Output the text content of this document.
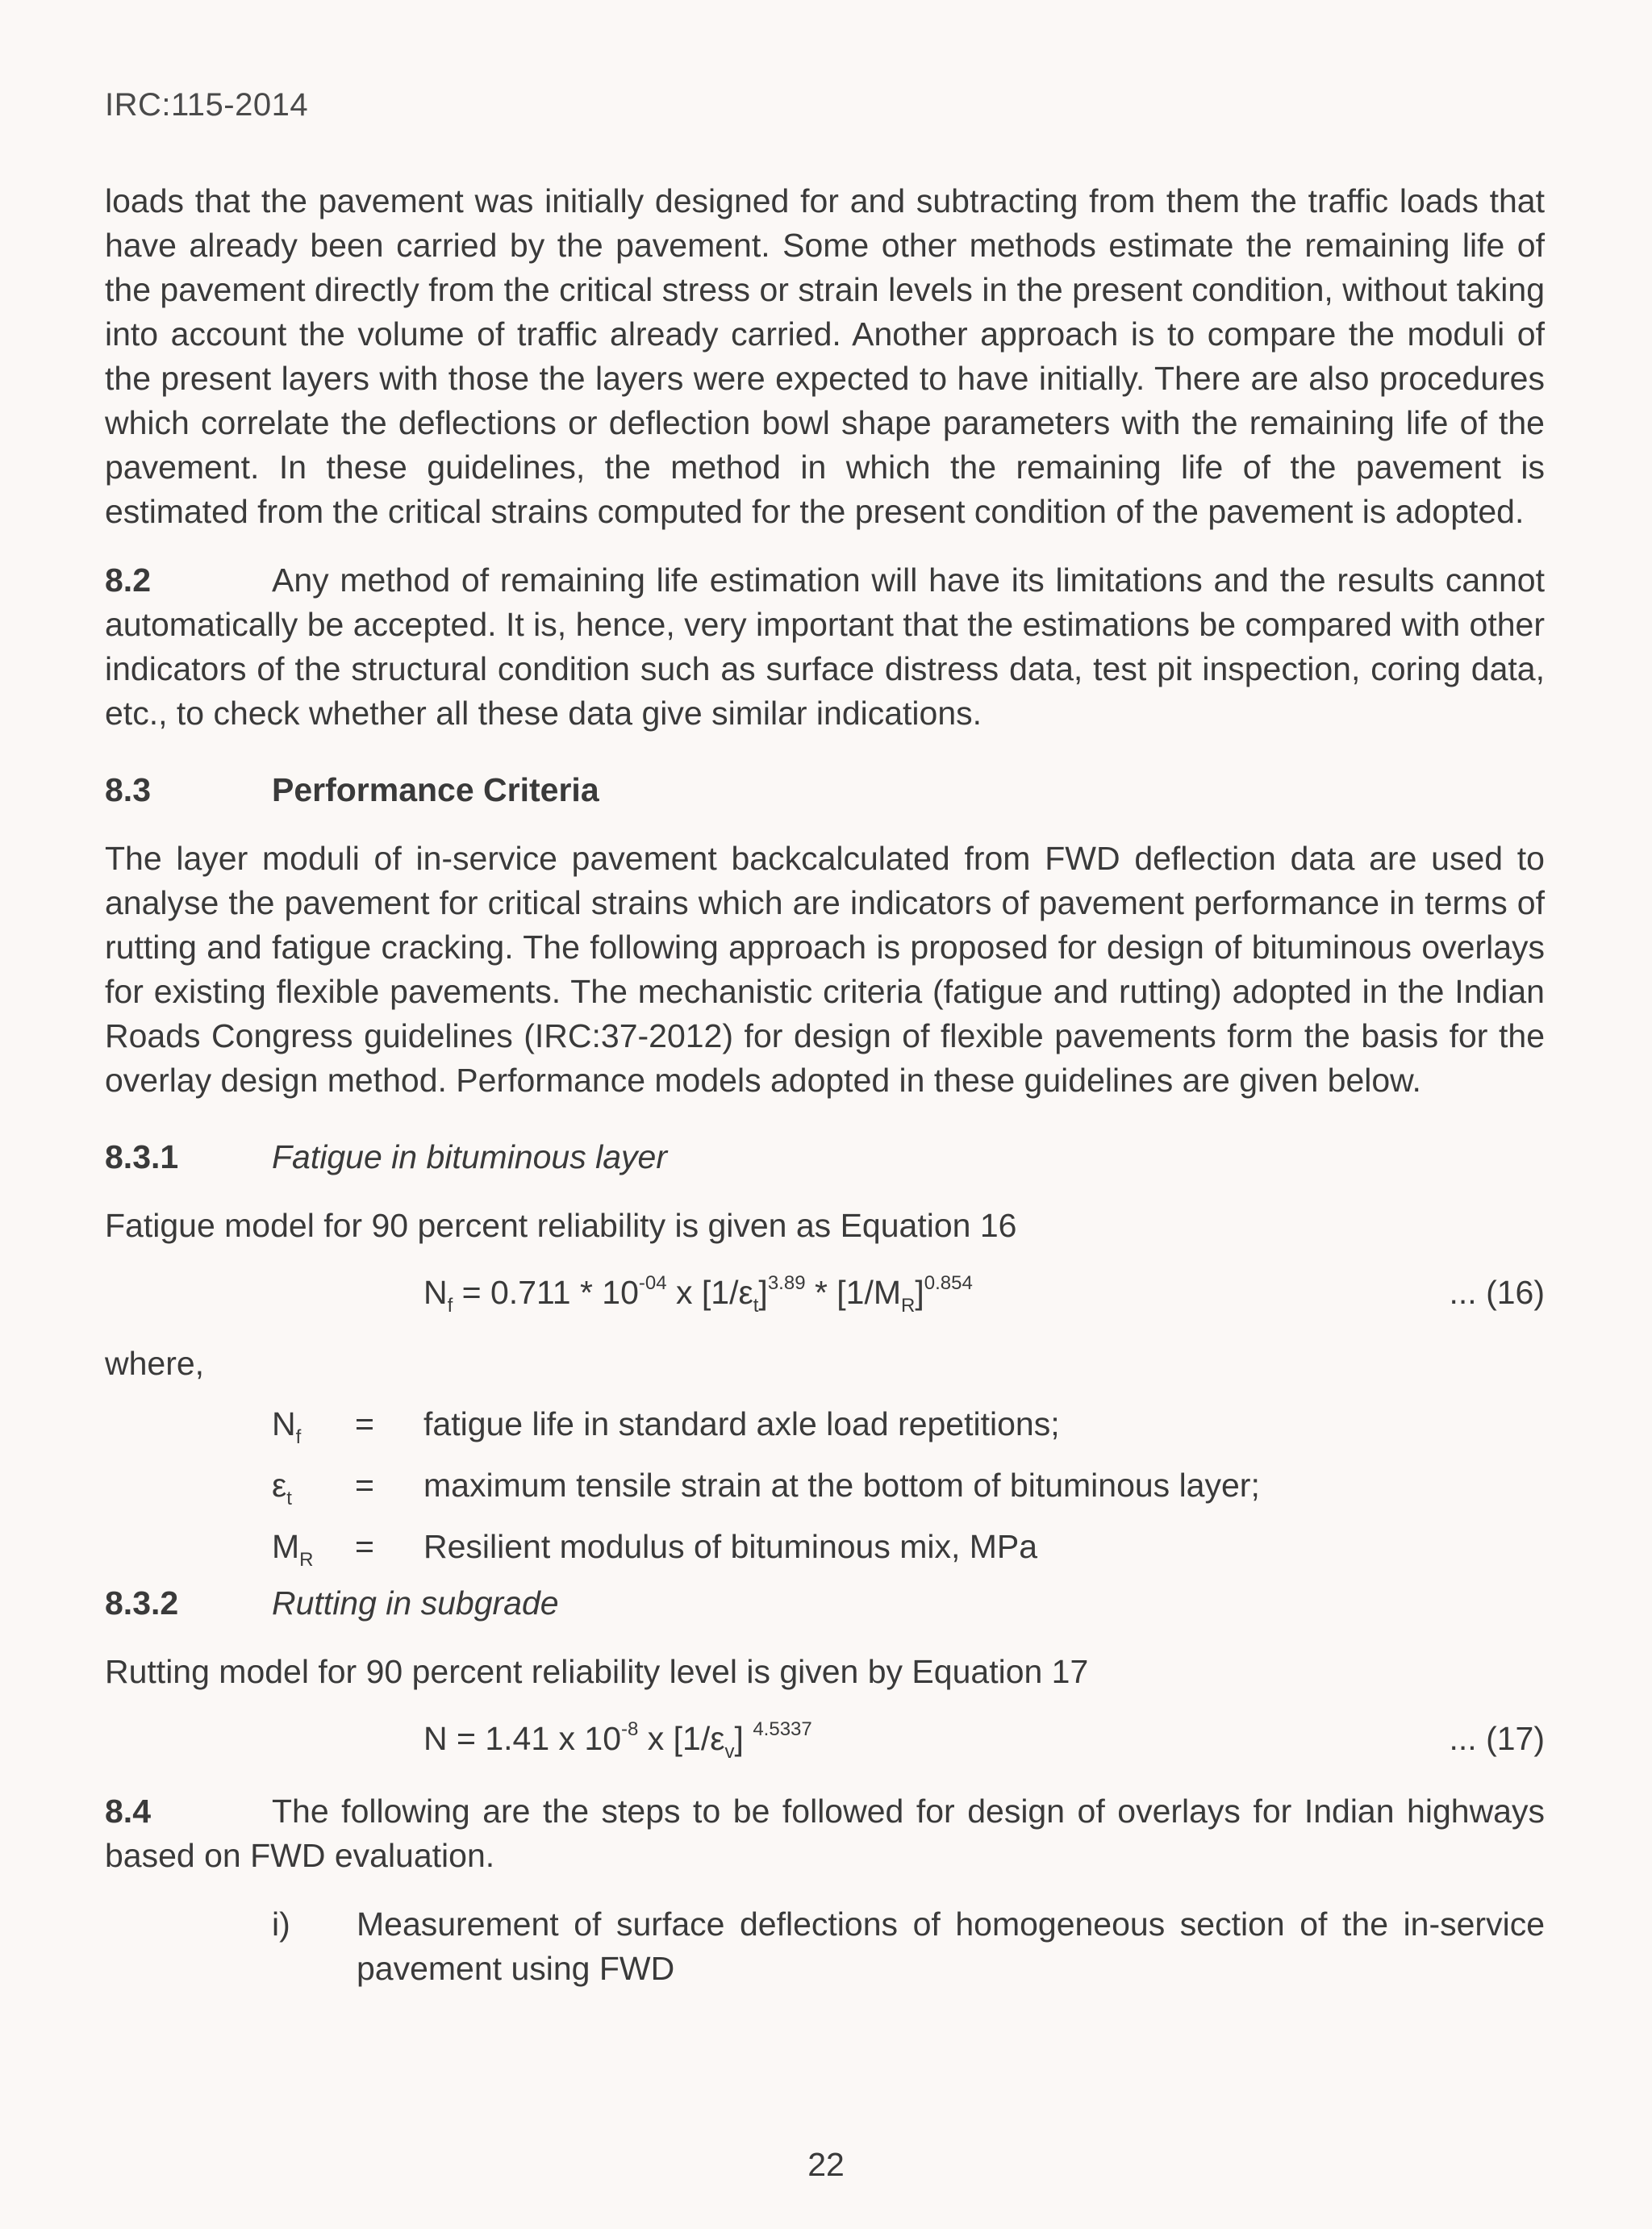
IRC:115-2014

loads that the pavement was initially designed for and subtracting from them the traffic loads that have already been carried by the pavement. Some other methods estimate the remaining life of the pavement directly from the critical stress or strain levels in the present condition, without taking into account the volume of traffic already carried. Another approach is to compare the moduli of the present layers with those the layers were expected to have initially. There are also procedures which correlate the deflections or deflection bowl shape parameters with the remaining life of the pavement. In these guidelines, the method in which the remaining life of the pavement is estimated from the critical strains computed for the present condition of the pavement is adopted.

8.2	Any method of remaining life estimation will have its limitations and the results cannot automatically be accepted. It is, hence, very important that the estimations be compared with other indicators of the structural condition such as surface distress data, test pit inspection, coring data, etc., to check whether all these data give similar indications.

8.3	Performance Criteria

The layer moduli of in-service pavement backcalculated from FWD deflection data are used to analyse the pavement for critical strains which are indicators of pavement performance in terms of rutting and fatigue cracking. The following approach is proposed for design of bituminous overlays for existing flexible pavements. The mechanistic criteria (fatigue and rutting) adopted in the Indian Roads Congress guidelines (IRC:37-2012) for design of flexible pavements form the basis for the overlay design method. Performance models adopted in these guidelines are given below.

8.3.1	Fatigue in bituminous layer

Fatigue model for 90 percent reliability is given as Equation 16

$N_f = 0.711 * 10^{-04}$ x $[1/\varepsilon_t]^{3.89} * [1/M_R]^{0.854}$	... (16)

where,

$N_f$ = fatigue life in standard axle load repetitions;
$\varepsilon_t$ = maximum tensile strain at the bottom of bituminous layer;
$M_R$ = Resilient modulus of bituminous mix, MPa
8.3.2	Rutting in subgrade

Rutting model for 90 percent reliability level is given by Equation 17

N = 1.41 x $10^{-8}$ x $[1/\varepsilon_v]$ $^{4.5337}$	... (17)

8.4	The following are the steps to be followed for design of overlays for Indian highways based on FWD evaluation.

i) Measurement of surface deflections of homogeneous section of the in-service pavement using FWD

22
